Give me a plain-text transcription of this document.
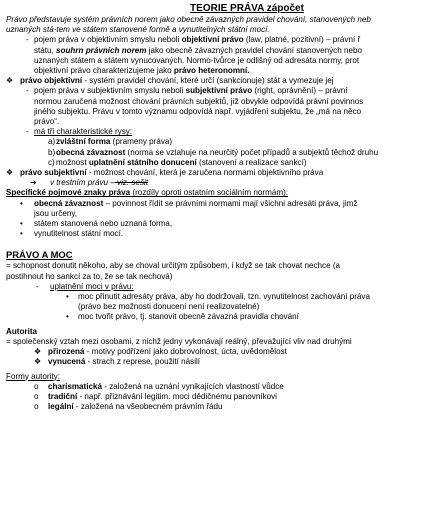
TEORIE PRÁVA zápočet
Právo představuje systém právních norem jako obecně závazných pravidel chování, stanovených neb
uznaných stá-tem ve státem stanovené formě a vynutitelných státní mocí.
- pojem práva v objektivním smyslu neboli objektivní právo (law, platné, pozitivní) – právní ř
státu, souhrn právních norem jako obecně závazných pravidel chování stanovených nebo
uznaných státem a státem vynucovaných. Normo-tvůrce je odlišný od adresáta normy, prot
objektivní právo charakterizujeme jako právo heteronomní.
❖ právo objektivní - systém pravidel chování, které určí (sankcionuje) stát a vymezuje jej
- pojem práva v subjektivním smyslu neboli subjektivní právo (right, oprávnění) – právní
normou zaručená možnost chování právních subjektů, jíž obvykle odpovídá právní povinnos
jiného subjektu. Právu v tomto významu odpovídá např. vyjádření subjektu, že „má na něco
právo“.
- má tři charakteristické rysy:
a) zvláštní forma (prameny práva)
b) obecná závaznost (norma se vztahuje na neurčitý počet případů a subjektů těchož druhu
c) možnost uplatnění státního donucení (stanovení a realizace sankcí)
❖ právo subjektivní - možnost chování, která je zaručena normami objektivního práva
➔ v trestním právu – viz. sešit
Specifické pojmové znaky práva (rozdíly oproti ostatním sociálním normám):
• obecná závaznost – povinnost řídit se právními normami mají všichni adresáti práva, jimž
jsou určeny,
• státem stanovená nebo uznaná forma,
• vynutitelnost státní mocí.
PRÁVO A MOC
= schopnost donutit někoho, aby se choval určitým způsobem, i když se tak chovat nechce (a
postihnout ho sankcí za to, že se tak nechová)
- uplatnění moci v právu:
• moc přinutit adresáty práva, aby ho dodržovali, tzn. vynutitelnost zachování práva
(právo bez možnosti donucení není realizovatelné)
• moc tvořit právo, tj. stanovit obecně závazná pravidla chování
Autorita
= společenský vztah mezi osobami, z nichž jedny vykonávají reálný, převažující vliv nad druhými
❖ přirozená - motivy podřízení jako dobrovolnost, úcta, uvědomělost
❖ vynucená - strach z represe, použití násilí
Formy autority:
o charismatická - založená na uznání vynikajících vlastností vůdce
o tradiční - např. přiznávání legitim. moci dědičnému panovníkovi
o legální - založená na všeobecném právním řádu
